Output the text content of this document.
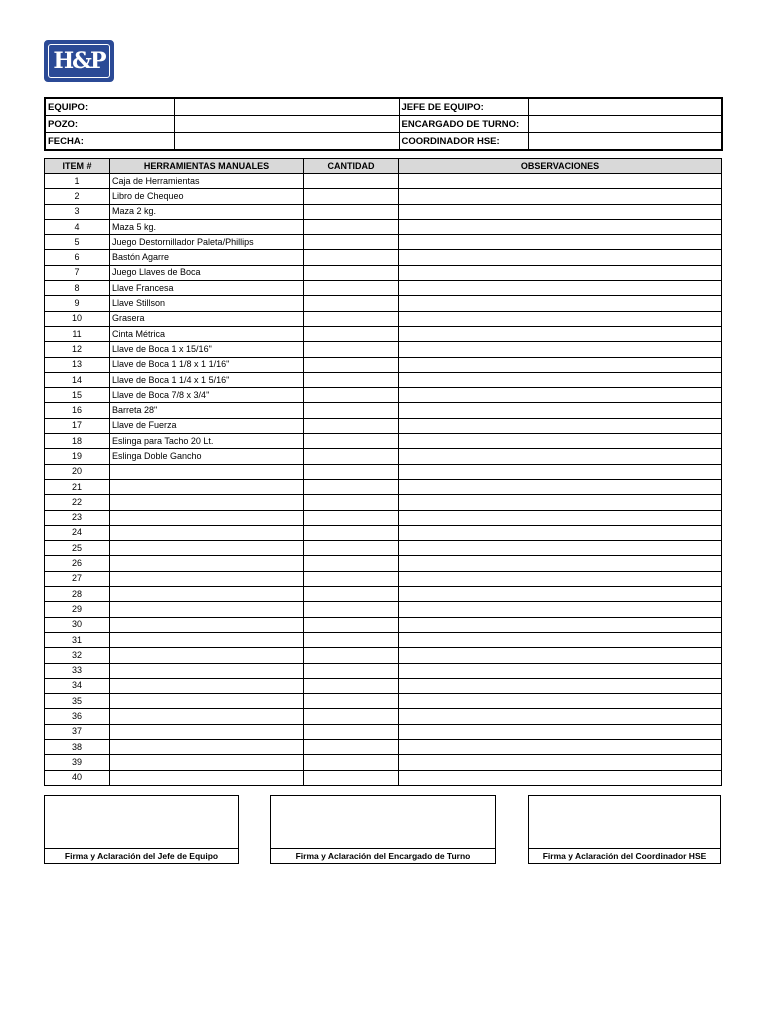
H&P
EQUIPO:		JEFE DE EQUIPO:	
POZO:		ENCARGADO DE TURNO:	
FECHA:		COORDINADOR HSE:	
ITEM #	HERRAMIENTAS MANUALES	CANTIDAD	OBSERVACIONES
1	Caja de Herramientas		
2	Libro de Chequeo		
3	Maza 2 kg.		
4	Maza 5 kg.		
5	Juego Destornillador Paleta/Phillips		
6	Bastón Agarre		
7	Juego Llaves de Boca		
8	Llave Francesa		
9	Llave Stillson		
10	Grasera		
11	Cinta Métrica		
12	Llave de Boca 1 x 15/16"		
13	Llave de Boca 1 1/8 x 1 1/16"		
14	Llave de Boca 1 1/4 x 1 5/16"		
15	Llave de Boca 7/8 x 3/4"		
16	Barreta 28"		
17	Llave de Fuerza		
18	Eslinga para Tacho 20 Lt.		
19	Eslinga Doble Gancho		
20			
21			
22			
23			
24			
25			
26			
27			
28			
29			
30			
31			
32			
33			
34			
35			
36			
37			
38			
39			
40			
Firma y Aclaración del Jefe de Equipo	Firma y Aclaración del Encargado de Turno	Firma y Aclaración del Coordinador HSE
